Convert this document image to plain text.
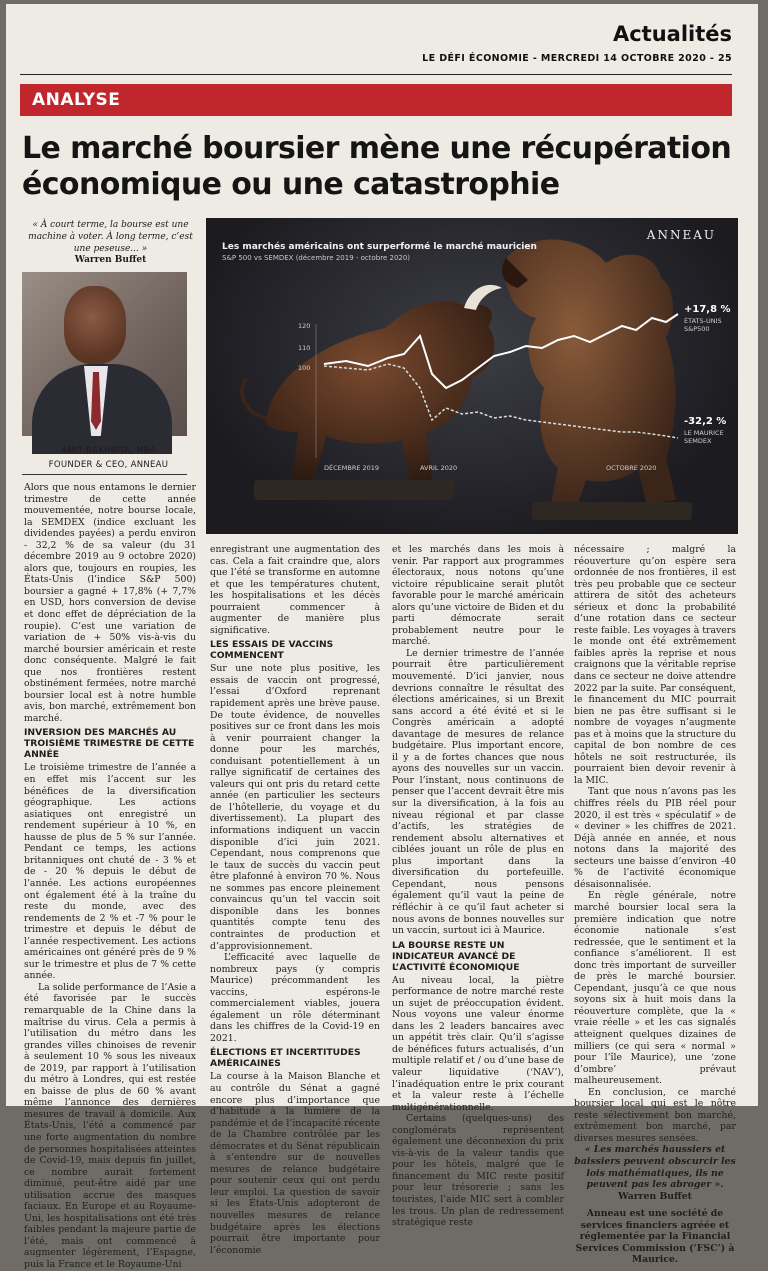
Actualités
LE DÉFI ÉCONOMIE - MERCREDI 14 OCTOBRE 2020 - 25
ANALYSE
Le marché boursier mène une récupération économique ou une catastrophie
« À court terme, la bourse est une machine à voter. À long terme, c’est une peseuse... »
Warren Buffet
AMIT BAKHIRTA, MBA
FOUNDER & CEO, ANNEAU
ANNEAU
Les marchés américains ont surperformé le marché mauricien
S&P 500 vs SEMDEX (décembre 2019 - octobre 2020)
120
110
100
+17,8 %
ÉTATS-UNIS
S&P500
-32,2 %
LE MAURICE
SEMDEX
DÉCEMBRE 2019	AVRIL 2020	OCTOBRE 2020

Alors que nous entamons le dernier trimestre de cette année mouvementée, notre bourse locale, la SEMDEX (indice excluant les dividendes payées) a perdu environ - 32,2 % de sa valeur (du 31 décembre 2019 au 9 octobre 2020) alors que, toujours en roupies, les États-Unis (l’indice S&P 500) boursier a gagné + 17,8% (+ 7,7% en USD, hors conversion de devise et donc effet de dépréciation de la roupie). C’est une variation de variation de + 50% vis-à-vis du marché boursier américain et reste donc conséquente. Malgré le fait que nos frontières restent obstinément fermées, notre marché boursier local est à notre humble avis, bon marché, extrêmement bon marché.

INVERSION DES MARCHÉS AU TROISIÈME TRIMESTRE DE CETTE ANNÉE

Le troisième trimestre de l’année a en effet mis l’accent sur les bénéfices de la diversification géographique. Les actions asiatiques ont enregistré un rendement supérieur à 10 %, en hausse de plus de 5 % sur l’année. Pendant ce temps, les actions britanniques ont chuté de - 3 % et de - 20 % depuis le début de l’année. Les actions européennes ont également été à la traîne du reste du monde, avec des rendements de 2 % et -7 % pour le trimestre et depuis le début de l’année respectivement. Les actions américaines ont généré près de 9 % sur le trimestre et plus de 7 % cette année.

La solide performance de l’Asie a été favorisée par le succès remarquable de la Chine dans la maîtrise du virus. Cela a permis à l’utilisation du métro dans les grandes villes chinoises de revenir à seulement 10 % sous les niveaux de 2019, par rapport à l’utilisation du métro à Londres, qui est restée en baisse de plus de 60 % avant même l’annonce des dernières mesures de travail à domicile. Aux États-Unis, l’été a commencé par une forte augmentation du nombre de personnes hospitalisées atteintes de Covid-19, mais depuis fin juillet, ce nombre aurait fortement diminué, peut-être aidé par une utilisation accrue des masques faciaux. En Europe et au Royaume-Uni, les hospitalisations ont été très faibles pendant la majeure partie de l’été, mais ont commencé à augmenter légèrement, l’Espagne, puis la France et le Royaume-Uni

enregistrant une augmentation des cas. Cela a fait craindre que, alors que l’été se transforme en automne et que les températures chutent, les hospitalisations et les décès pourraient commencer à augmenter de manière plus significative.

LES ESSAIS DE VACCINS COMMENCENT

Sur une note plus positive, les essais de vaccin ont progressé, l’essai d’Oxford reprenant rapidement après une brève pause. De toute évidence, de nouvelles positives sur ce front dans les mois à venir pourraient changer la donne pour les marchés, conduisant potentiellement à un rallye significatif de certaines des valeurs qui ont pris du retard cette année (en particulier les secteurs de l’hôtellerie, du voyage et du divertissement). La plupart des informations indiquent un vaccin disponible d’ici juin 2021. Cependant, nous comprenons que le taux de succès du vaccin peut être plafonné à environ 70 %. Nous ne sommes pas encore pleinement convaincus qu’un tel vaccin soit disponible dans les bonnes quantités compte tenu des contraintes de production et d’approvisionnement.

L’efficacité avec laquelle de nombreux pays (y compris Maurice) précommandent les vaccins, espérons-le commercialement viables, jouera également un rôle déterminant dans les chiffres de la Covid-19 en 2021.

ÉLECTIONS ET INCERTITUDES AMÉRICAINES

La course à la Maison Blanche et au contrôle du Sénat a gagné encore plus d’importance que d’habitude à la lumière de la pandémie et de l’incapacité récente de la Chambre contrôlée par les démocrates et du Sénat républicain à s’entendre sur de nouvelles mesures de relance budgétaire pour soutenir ceux qui ont perdu leur emploi. La question de savoir si les États-Unis adopteront de nouvelles mesures de relance budgétaire après les élections pourrait être importante pour l’économie

et les marchés dans les mois à venir. Par rapport aux programmes électoraux, nous notons qu’une victoire républicaine serait plutôt favorable pour le marché américain alors qu’une victoire de Biden et du parti démocrate serait probablement neutre pour le marché.

Le dernier trimestre de l’année pourrait être particulièrement mouvementé. D’ici janvier, nous devrions connaître le résultat des élections américaines, si un Brexit sans accord a été évité et si le Congrès américain a adopté davantage de mesures de relance budgétaire. Plus important encore, il y a de fortes chances que nous ayons des nouvelles sur un vaccin. Pour l’instant, nous continuons de penser que l’accent devrait être mis sur la diversification, à la fois au niveau régional et par classe d’actifs, les stratégies de rendement absolu alternatives et ciblées jouant un rôle de plus en plus important dans la diversification du portefeuille. Cependant, nous pensons également qu’il vaut la peine de réfléchir à ce qu’il faut acheter si nous avons de bonnes nouvelles sur un vaccin, surtout ici à Maurice.

LA BOURSE RESTE UN INDICATEUR AVANCÉ DE L’ACTIVITÉ ÉCONOMIQUE

Au niveau local, la piètre performance de notre marché reste un sujet de préoccupation évident. Nous voyons une valeur énorme dans les 2 leaders bancaires avec un appétit très clair. Qu’il s’agisse de bénéfices futurs actualisés, d’un multiple relatif et / ou d’une base de valeur liquidative (‘NAV’), l’inadéquation entre le prix courant et la valeur reste à l’échelle multigénérationnelle.

Certains (quelques-uns) des conglomérats représentent également une déconnexion du prix vis-à-vis de la valeur tandis que pour les hôtels, malgré que le financement du MIC reste positif pour leur trésorerie ; sans les touristes, l’aide MIC sert à combler les trous. Un plan de redressement stratégique reste

nécessaire ; malgré la réouverture qu’on espère sera ordonnée de nos frontières, il est très peu probable que ce secteur attirera de sitôt des acheteurs sérieux et donc la probabilité d’une rotation dans ce secteur reste faible. Les voyages à travers le monde ont été extrêmement faibles après la reprise et nous craignons que la véritable reprise dans ce secteur ne doive attendre 2022 par la suite. Par conséquent, le financement du MIC pourrait bien ne pas être suffisant si le nombre de voyages n’augmente pas et à moins que la structure du capital de bon nombre de ces hôtels ne soit restructurée, ils pourraient bien devoir revenir à la MIC.

Tant que nous n’avons pas les chiffres réels du PIB réel pour 2020, il est très « spéculatif » de « deviner » les chiffres de 2021. Déjà année en année, et nous notons dans la majorité des secteurs une baisse d’environ -40 % de l’activité économique désaisonnalisée.

En règle générale, notre marché boursier local sera la première indication que notre économie nationale s’est redressée, que le sentiment et la confiance s’améliorent. Il est donc très important de surveiller de près le marché boursier. Cependant, jusqu’à ce que nous soyons six à huit mois dans la réouverture complète, que la « vraie réelle » et les cas signalés atteignent quelques dizaines de milliers (ce qui sera « normal » pour l’île Maurice), une ‘zone d’ombre’ prévaut malheureusement.

En conclusion, ce marché boursier local qui est le nôtre reste sélectivement bon marché, extrêmement bon marché, par diverses mesures sensées.

« Les marchés haussiers et baissiers peuvent obscurcir les lois mathématiques, ils ne peuvent pas les abroger ».

Warren Buffet

Anneau est une société de services financiers agréée et réglementée par la Financial Services Commission (‘FSC’) à Maurice.
